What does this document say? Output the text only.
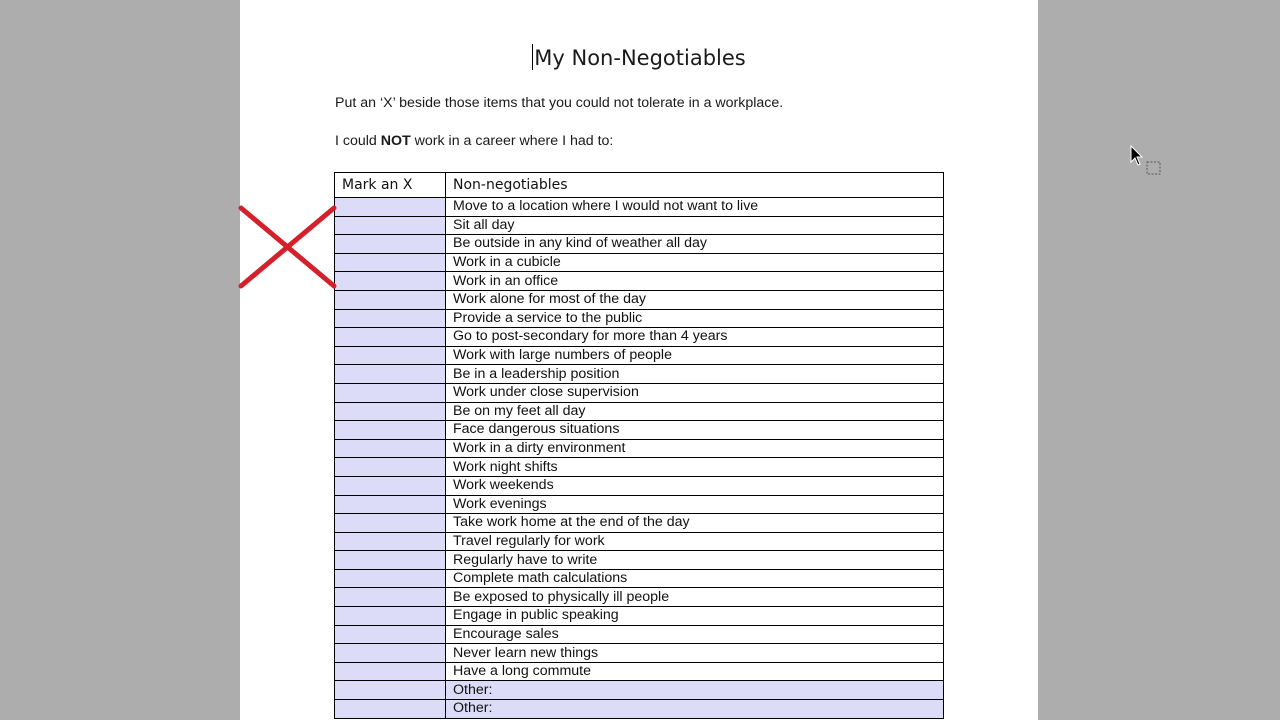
My Non-Negotiables

Put an ‘X’ beside those items that you could not tolerate in a workplace.

I could NOT work in a career where I had to:

Mark an X	Non-negotiables
	Move to a location where I would not want to live
	Sit all day
	Be outside in any kind of weather all day
	Work in a cubicle
	Work in an office
	Work alone for most of the day
	Provide a service to the public
	Go to post-secondary for more than 4 years
	Work with large numbers of people
	Be in a leadership position
	Work under close supervision
	Be on my feet all day
	Face dangerous situations
	Work in a dirty environment
	Work night shifts
	Work weekends
	Work evenings
	Take work home at the end of the day
	Travel regularly for work
	Regularly have to write
	Complete math calculations
	Be exposed to physically ill people
	Engage in public speaking
	Encourage sales
	Never learn new things
	Have a long commute
	Other:
	Other:
